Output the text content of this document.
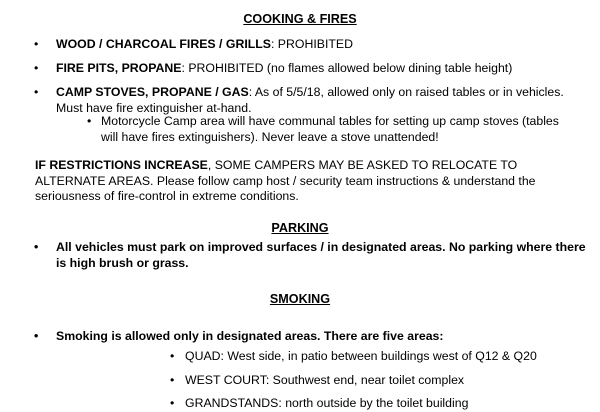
COOKING & FIRES
• WOOD / CHARCOAL FIRES / GRILLS: PROHIBITED
• FIRE PITS, PROPANE: PROHIBITED (no flames allowed below dining table height)
• CAMP STOVES, PROPANE / GAS: As of 5/5/18, allowed only on raised tables or in vehicles. Must have fire extinguisher at-hand.
• Motorcycle Camp area will have communal tables for setting up camp stoves (tables will have fires extinguishers). Never leave a stove unattended!
IF RESTRICTIONS INCREASE, SOME CAMPERS MAY BE ASKED TO RELOCATE TO ALTERNATE AREAS. Please follow camp host / security team instructions & understand the seriousness of fire-control in extreme conditions.
PARKING
• All vehicles must park on improved surfaces / in designated areas. No parking where there is high brush or grass.
SMOKING
• Smoking is allowed only in designated areas. There are five areas:
• QUAD: West side, in patio between buildings west of Q12 & Q20
• WEST COURT: Southwest end, near toilet complex
• GRANDSTANDS: north outside by the toilet building
